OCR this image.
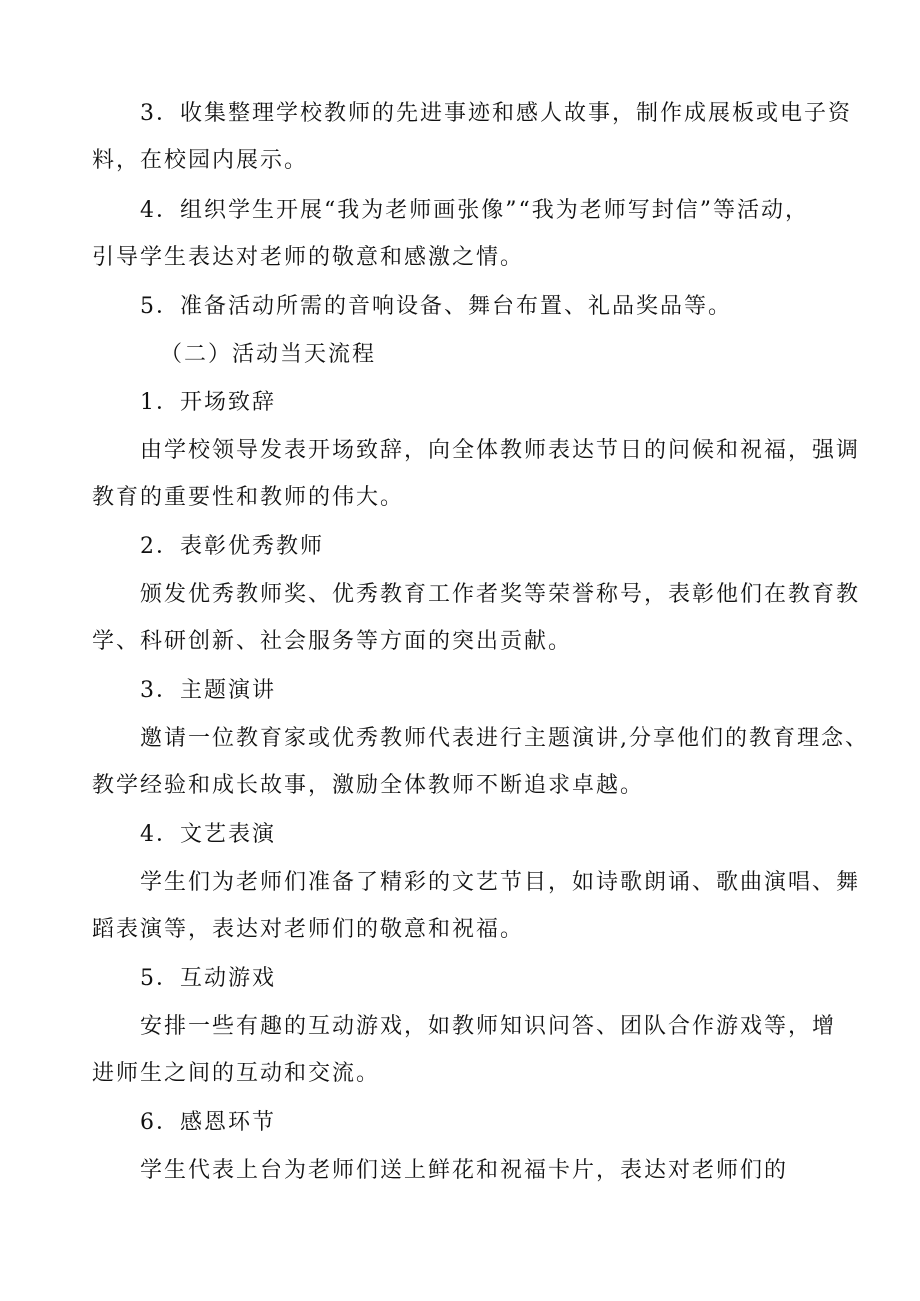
3．收集整理学校教师的先进事迹和感人故事，制作成展板或电子资
料，在校园内展示。
4．组织学生开展“我为老师画张像”“我为老师写封信”等活动，
引导学生表达对老师的敬意和感激之情。
5．准备活动所需的音响设备、舞台布置、礼品奖品等。
（二）活动当天流程
1．开场致辞
由学校领导发表开场致辞，向全体教师表达节日的问候和祝福，强调
教育的重要性和教师的伟大。
2．表彰优秀教师
颁发优秀教师奖、优秀教育工作者奖等荣誉称号，表彰他们在教育教
学、科研创新、社会服务等方面的突出贡献。
3．主题演讲
邀请一位教育家或优秀教师代表进行主题演讲,分享他们的教育理念、
教学经验和成长故事，激励全体教师不断追求卓越。
4．文艺表演
学生们为老师们准备了精彩的文艺节目，如诗歌朗诵、歌曲演唱、舞
蹈表演等，表达对老师们的敬意和祝福。
5．互动游戏
安排一些有趣的互动游戏，如教师知识问答、团队合作游戏等，增
进师生之间的互动和交流。
6．感恩环节
学生代表上台为老师们送上鲜花和祝福卡片，表达对老师们的
